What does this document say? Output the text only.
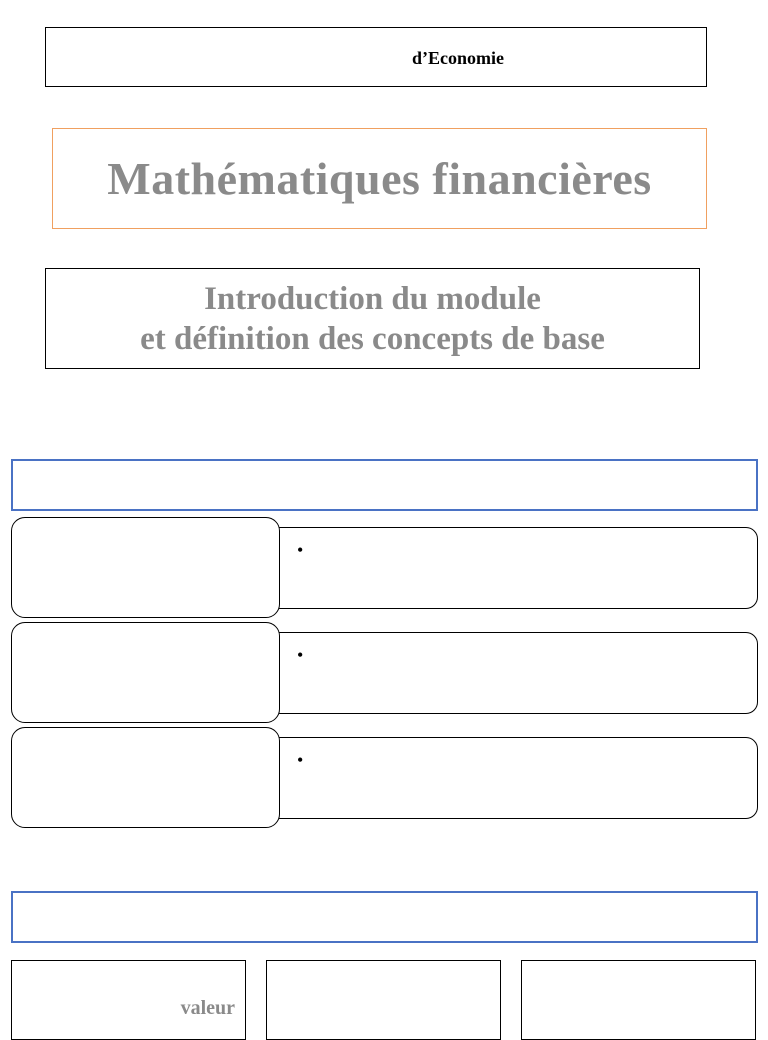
d’Economie
Mathématiques financières
Introduction du module
et définition des concepts de base
•
•
•
valeur
